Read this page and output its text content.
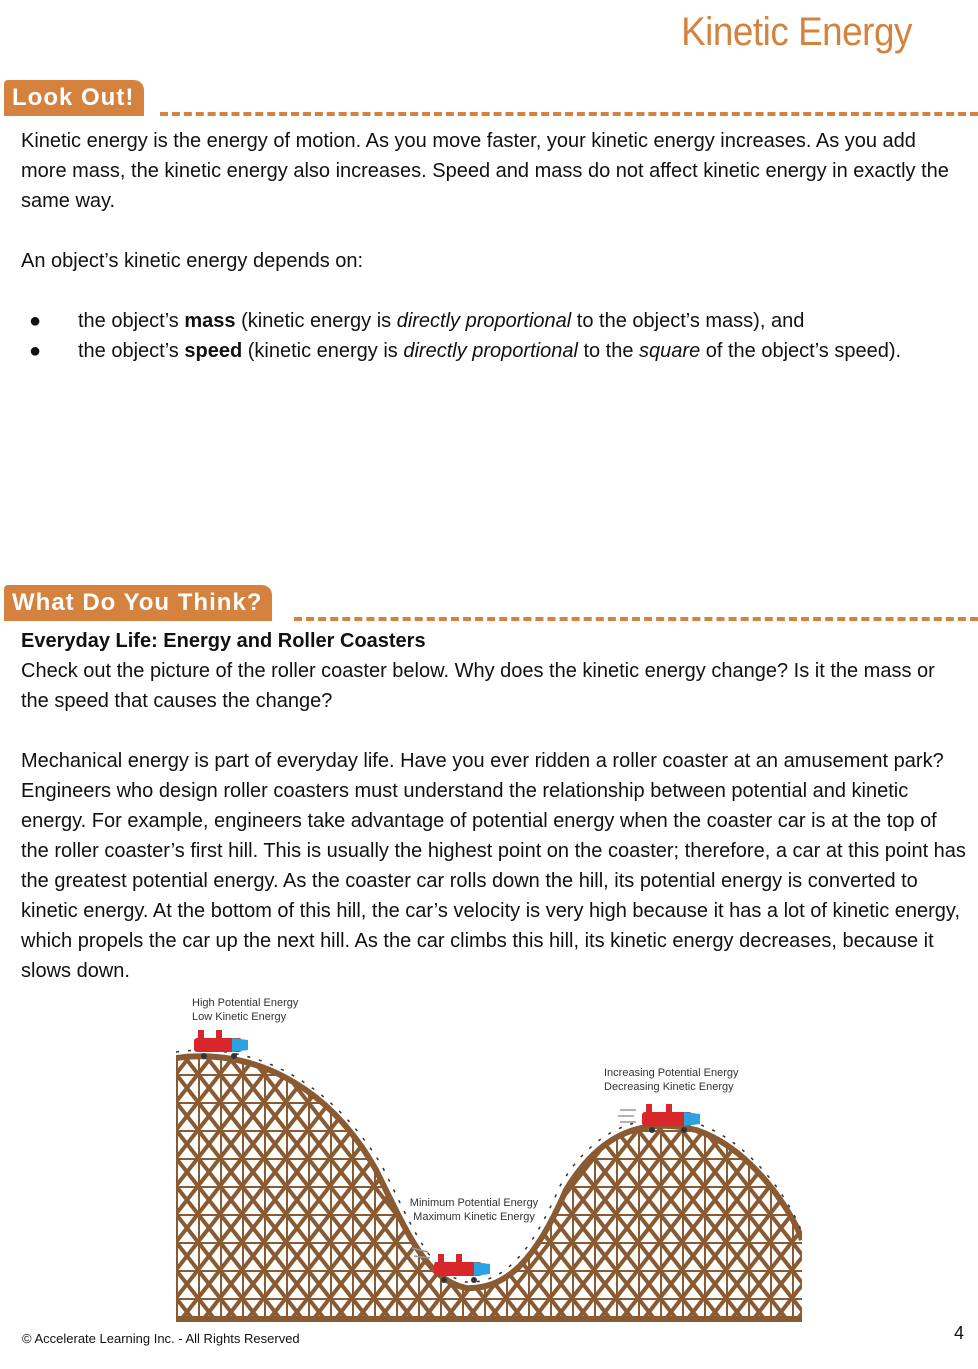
Kinetic Energy
Look Out!

Kinetic energy is the energy of motion. As you move faster, your kinetic energy increases. As you add more mass, the kinetic energy also increases. Speed and mass do not affect kinetic energy in exactly the same way.

An object’s kinetic energy depends on:

● the object’s mass (kinetic energy is directly proportional to the object’s mass), and
● the object’s speed (kinetic energy is directly proportional to the square of the object’s speed).
What Do You Think?

Everyday Life: Energy and Roller Coasters

Check out the picture of the roller coaster below. Why does the kinetic energy change? Is it the mass or the speed that causes the change?

Mechanical energy is part of everyday life. Have you ever ridden a roller coaster at an amusement park? Engineers who design roller coasters must understand the relationship between potential and kinetic energy. For example, engineers take advantage of potential energy when the coaster car is at the top of the roller coaster’s first hill. This is usually the highest point on the coaster; therefore, a car at this point has the greatest potential energy. As the coaster car rolls down the hill, its potential energy is converted to kinetic energy. At the bottom of this hill, the car’s velocity is very high because it has a lot of kinetic energy, which propels the car up the next hill. As the car climbs this hill, its kinetic energy decreases, because it slows down.

High Potential Energy
Low Kinetic Energy
Increasing Potential Energy
Decreasing Kinetic Energy
Minimum Potential Energy
Maximum Kinetic Energy
© Accelerate Learning Inc. - All Rights Reserved	4
